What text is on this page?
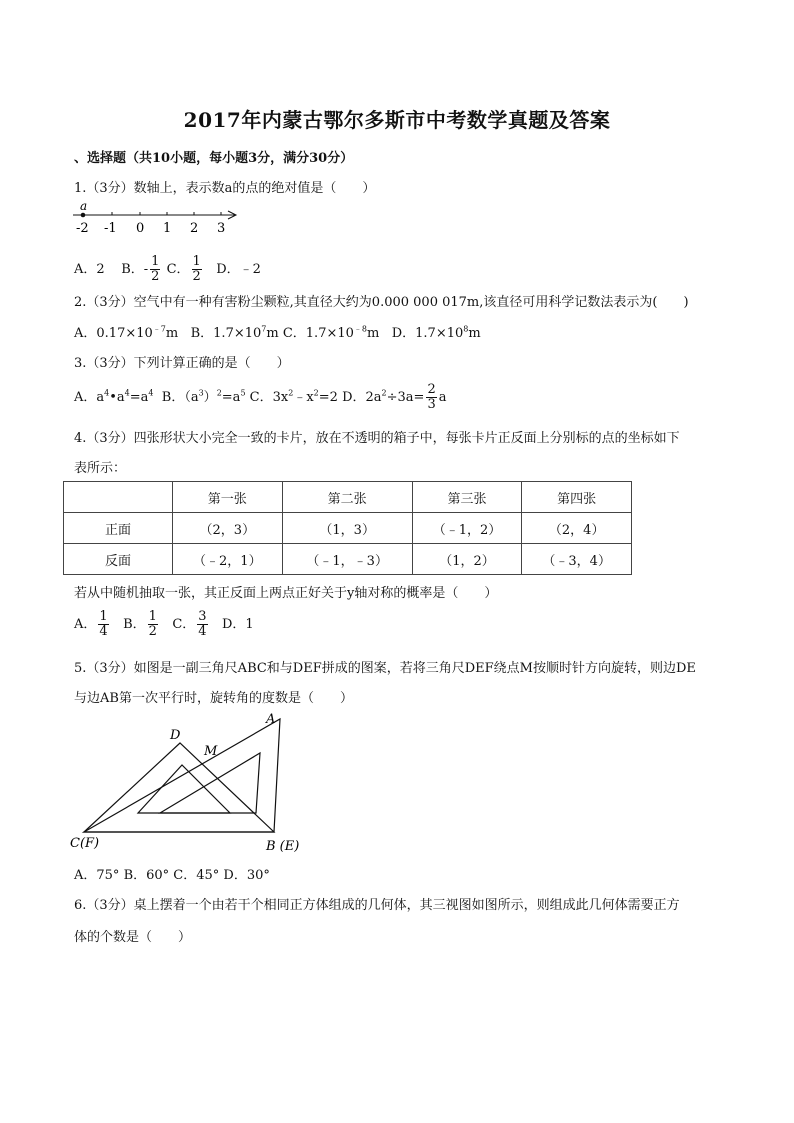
2017年内蒙古鄂尔多斯市中考数学真题及答案
、选择题（共10小题，每小题3分，满分30分）
1.（3分）数轴上，表示数a的点的绝对值是（　　）
a
-2 -1 0 1 2 3
A．2 B．- $\frac{1}{2}$ C． $\frac{1}{2}$ D．﹣2
2.（3分）空气中有一种有害粉尘颗粒,其直径大约为0.000 000 017m,该直径可用科学记数法表示为(　　)
A．$0.17\times 10^{﹣7}m$ B．$1.7\times 10^7m$ C．$1.7\times 10^{﹣8}m$ D．$1.7\times 10^8m$
3.（3分）下列计算正确的是（　　）
A．$a^4•a^4=a^4$ B．$(a^3)^2=a^5$ C．$3x^2﹣x^2=2$ D．$2a^2\div 3a= \frac{2}{3}$ a
4.（3分）四张形状大小完全一致的卡片，放在不透明的箱子中，每张卡片正反面上分别标的点的坐标如下
表所示：
	第一张	第二张	第三张	第四张
正面	（2，3）	（1，3）	（﹣1，2）	（2，4）
反面	（﹣2，1）	（﹣1，﹣3）	（1，2）	（﹣3，4）
若从中随机抽取一张，其正反面上两点正好关于y轴对称的概率是（　　）
A． $\frac{1}{4}$ B． $\frac{1}{2}$ C． $\frac{3}{4}$ D．1
5.（3分）如图是一副三角尺ABC和与DEF拼成的图案，若将三角尺DEF绕点M按顺时针方向旋转，则边DE
与边AB第一次平行时，旋转角的度数是（　　）
D
A
M
C(F)	B (E)
A．75° B．60° C．45° D．30°
6.（3分）桌上摆着一个由若干个相同正方体组成的几何体，其三视图如图所示，则组成此几何体需要正方
体的个数是（　　）
